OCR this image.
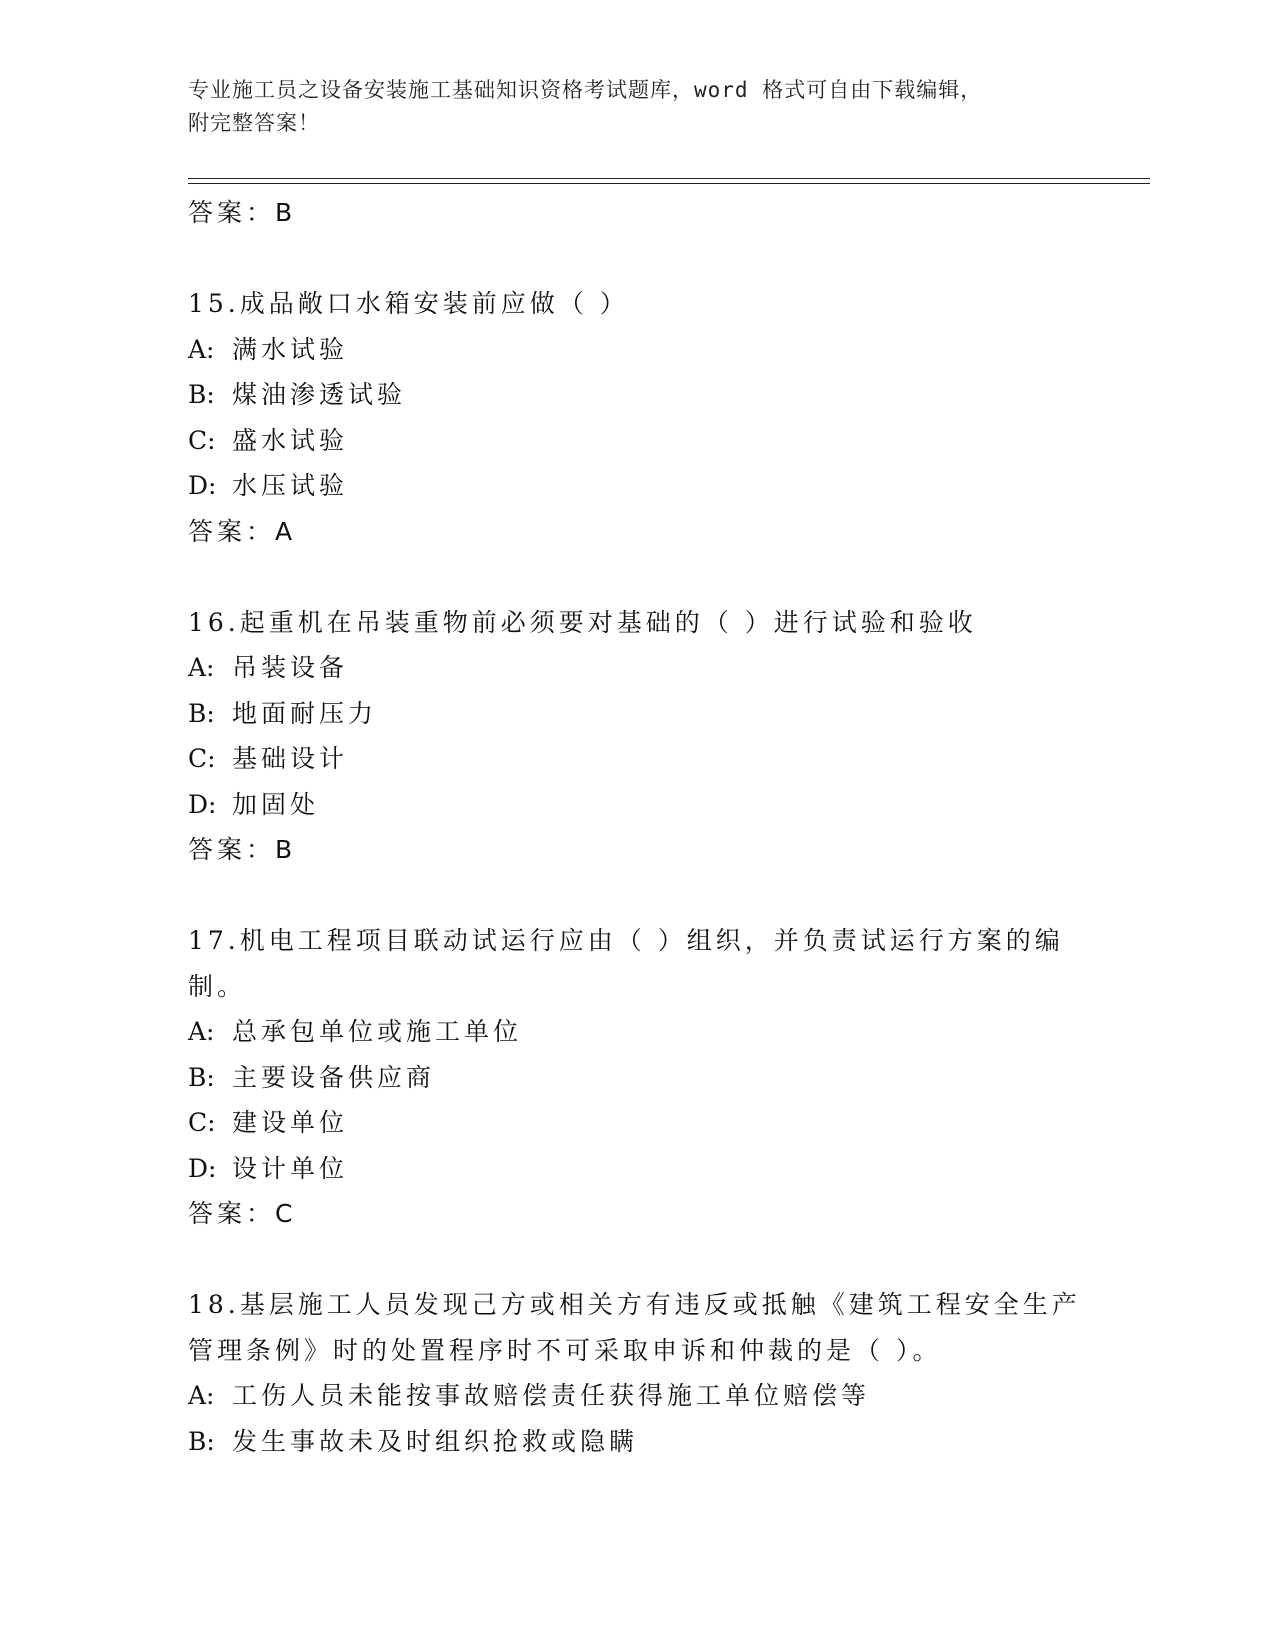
专业施工员之设备安装施工基础知识资格考试题库，word 格式可自由下载编辑，
附完整答案！
答案：B
15.成品敞口水箱安装前应做（ ）
A: 满水试验
B: 煤油渗透试验
C: 盛水试验
D: 水压试验
答案：A
16.起重机在吊装重物前必须要对基础的（ ）进行试验和验收
A: 吊装设备
B: 地面耐压力
C: 基础设计
D: 加固处
答案：B
17.机电工程项目联动试运行应由（ ）组织，并负责试运行方案的编
制。
A: 总承包单位或施工单位
B: 主要设备供应商
C: 建设单位
D: 设计单位
答案：C
18.基层施工人员发现己方或相关方有违反或抵触《建筑工程安全生产
管理条例》时的处置程序时不可采取申诉和仲裁的是（ ）。
A: 工伤人员未能按事故赔偿责任获得施工单位赔偿等
B: 发生事故未及时组织抢救或隐瞒
